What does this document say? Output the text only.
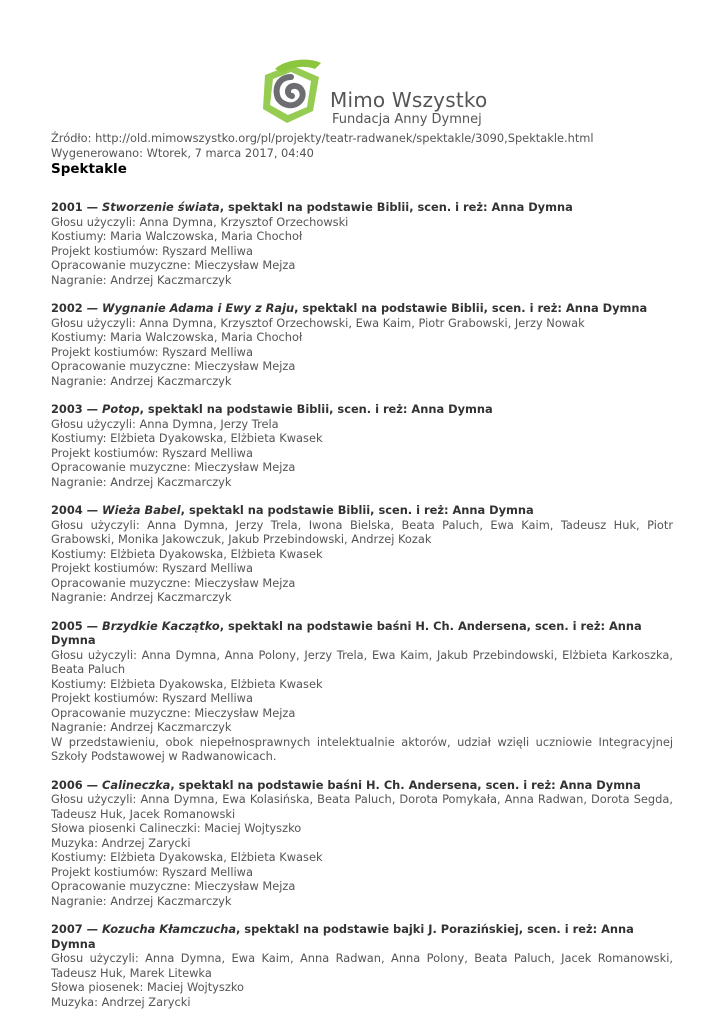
Mimo Wszystko
Fundacja Anny Dymnej
Źródło: http://old.mimowszystko.org/pl/projekty/teatr-radwanek/spektakle/3090,Spektakle.html
Wygenerowano: Wtorek, 7 marca 2017, 04:40
Spektakle
2001 — Stworzenie świata, spektakl na podstawie Biblii, scen. i reż: Anna Dymna
Głosu użyczyli: Anna Dymna, Krzysztof Orzechowski
Kostiumy: Maria Walczowska, Maria Chochoł
Projekt kostiumów: Ryszard Melliwa
Opracowanie muzyczne: Mieczysław Mejza
Nagranie: Andrzej Kaczmarczyk
2002 — Wygnanie Adama i Ewy z Raju, spektakl na podstawie Biblii, scen. i reż: Anna Dymna
Głosu użyczyli: Anna Dymna, Krzysztof Orzechowski, Ewa Kaim, Piotr Grabowski, Jerzy Nowak
Kostiumy: Maria Walczowska, Maria Chochoł
Projekt kostiumów: Ryszard Melliwa
Opracowanie muzyczne: Mieczysław Mejza
Nagranie: Andrzej Kaczmarczyk
2003 — Potop, spektakl na podstawie Biblii, scen. i reż: Anna Dymna
Głosu użyczyli: Anna Dymna, Jerzy Trela
Kostiumy: Elżbieta Dyakowska, Elżbieta Kwasek
Projekt kostiumów: Ryszard Melliwa
Opracowanie muzyczne: Mieczysław Mejza
Nagranie: Andrzej Kaczmarczyk
2004 — Wieża Babel, spektakl na podstawie Biblii, scen. i reż: Anna Dymna
Głosu użyczyli: Anna Dymna, Jerzy Trela, Iwona Bielska, Beata Paluch, Ewa Kaim, Tadeusz Huk, Piotr Grabowski, Monika Jakowczuk, Jakub Przebindowski, Andrzej Kozak
Kostiumy: Elżbieta Dyakowska, Elżbieta Kwasek
Projekt kostiumów: Ryszard Melliwa
Opracowanie muzyczne: Mieczysław Mejza
Nagranie: Andrzej Kaczmarczyk
2005 — Brzydkie Kaczątko, spektakl na podstawie baśni H. Ch. Andersena, scen. i reż: Anna Dymna
Głosu użyczyli: Anna Dymna, Anna Polony, Jerzy Trela, Ewa Kaim, Jakub Przebindowski, Elżbieta Karkoszka, Beata Paluch
Kostiumy: Elżbieta Dyakowska, Elżbieta Kwasek
Projekt kostiumów: Ryszard Melliwa
Opracowanie muzyczne: Mieczysław Mejza
Nagranie: Andrzej Kaczmarczyk
W przedstawieniu, obok niepełnosprawnych intelektualnie aktorów, udział wzięli uczniowie Integracyjnej Szkoły Podstawowej w Radwanowicach.
2006 — Calineczka, spektakl na podstawie baśni H. Ch. Andersena, scen. i reż: Anna Dymna
Głosu użyczyli: Anna Dymna, Ewa Kolasińska, Beata Paluch, Dorota Pomykała, Anna Radwan, Dorota Segda, Tadeusz Huk, Jacek Romanowski
Słowa piosenki Calineczki: Maciej Wojtyszko
Muzyka: Andrzej Zarycki
Kostiumy: Elżbieta Dyakowska, Elżbieta Kwasek
Projekt kostiumów: Ryszard Melliwa
Opracowanie muzyczne: Mieczysław Mejza
Nagranie: Andrzej Kaczmarczyk
2007 — Kozucha Kłamczucha, spektakl na podstawie bajki J. Porazińskiej, scen. i reż: Anna Dymna
Głosu użyczyli: Anna Dymna, Ewa Kaim, Anna Radwan, Anna Polony, Beata Paluch, Jacek Romanowski, Tadeusz Huk, Marek Litewka
Słowa piosenek: Maciej Wojtyszko
Muzyka: Andrzej Zarycki
